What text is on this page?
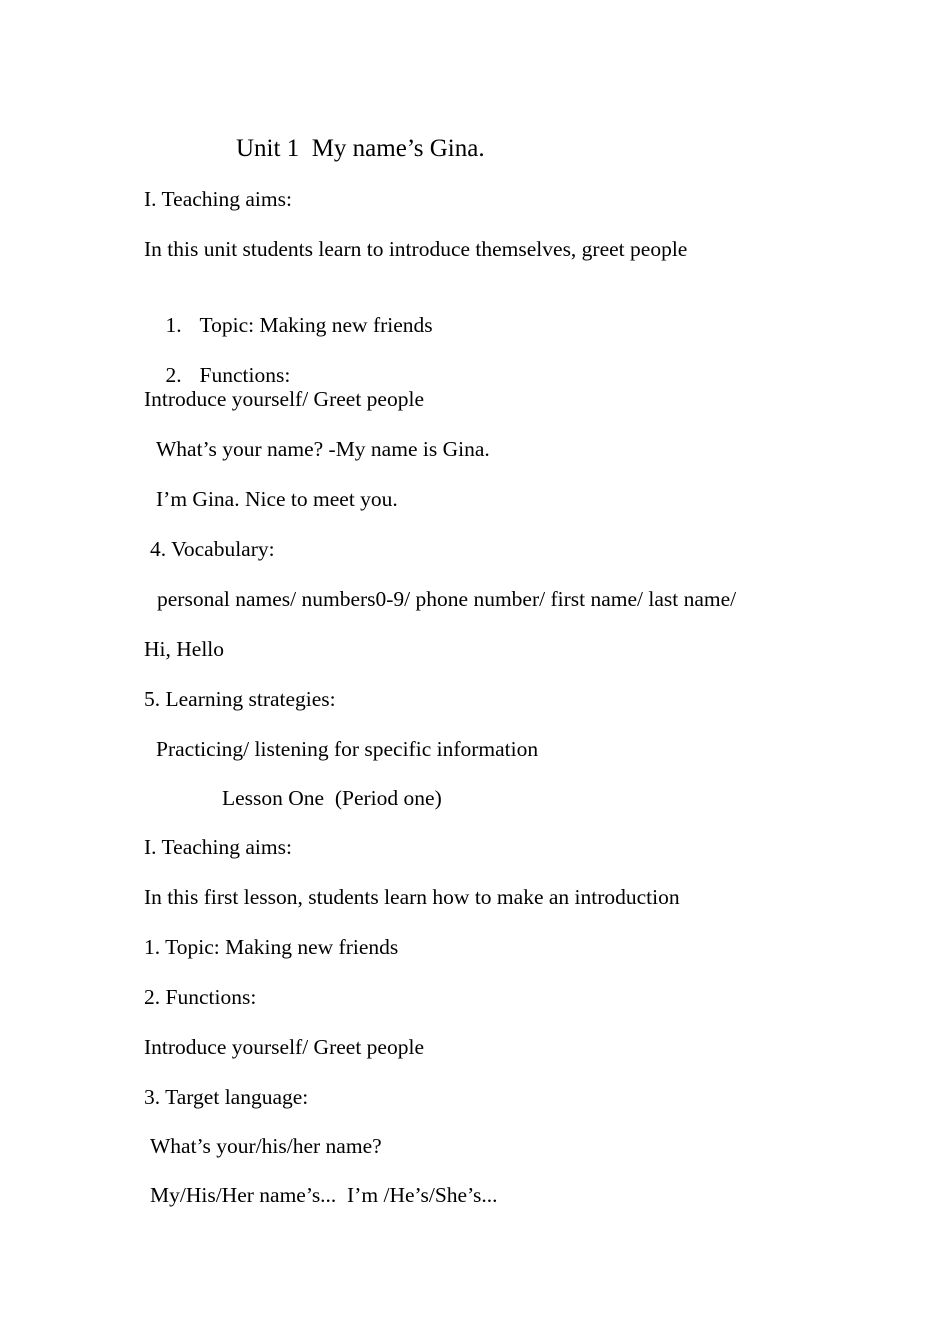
Unit 1  My name’s Gina.
I. Teaching aims:
In this unit students learn to introduce themselves, greet people

1. Topic: Making new friends

2. Functions:

Introduce yourself/ Greet people
What’s your name? -My name is Gina.
I’m Gina. Nice to meet you.
4. Vocabulary:
personal names/ numbers0-9/ phone number/ first name/ last name/
Hi, Hello
5. Learning strategies:
Practicing/ listening for specific information
Lesson One  (Period one)
I. Teaching aims:
In this first lesson, students learn how to make an introduction
1. Topic: Making new friends
2. Functions:
Introduce yourself/ Greet people
3. Target language:
What’s your/his/her name?
My/His/Her name’s...  I’m /He’s/She’s...
